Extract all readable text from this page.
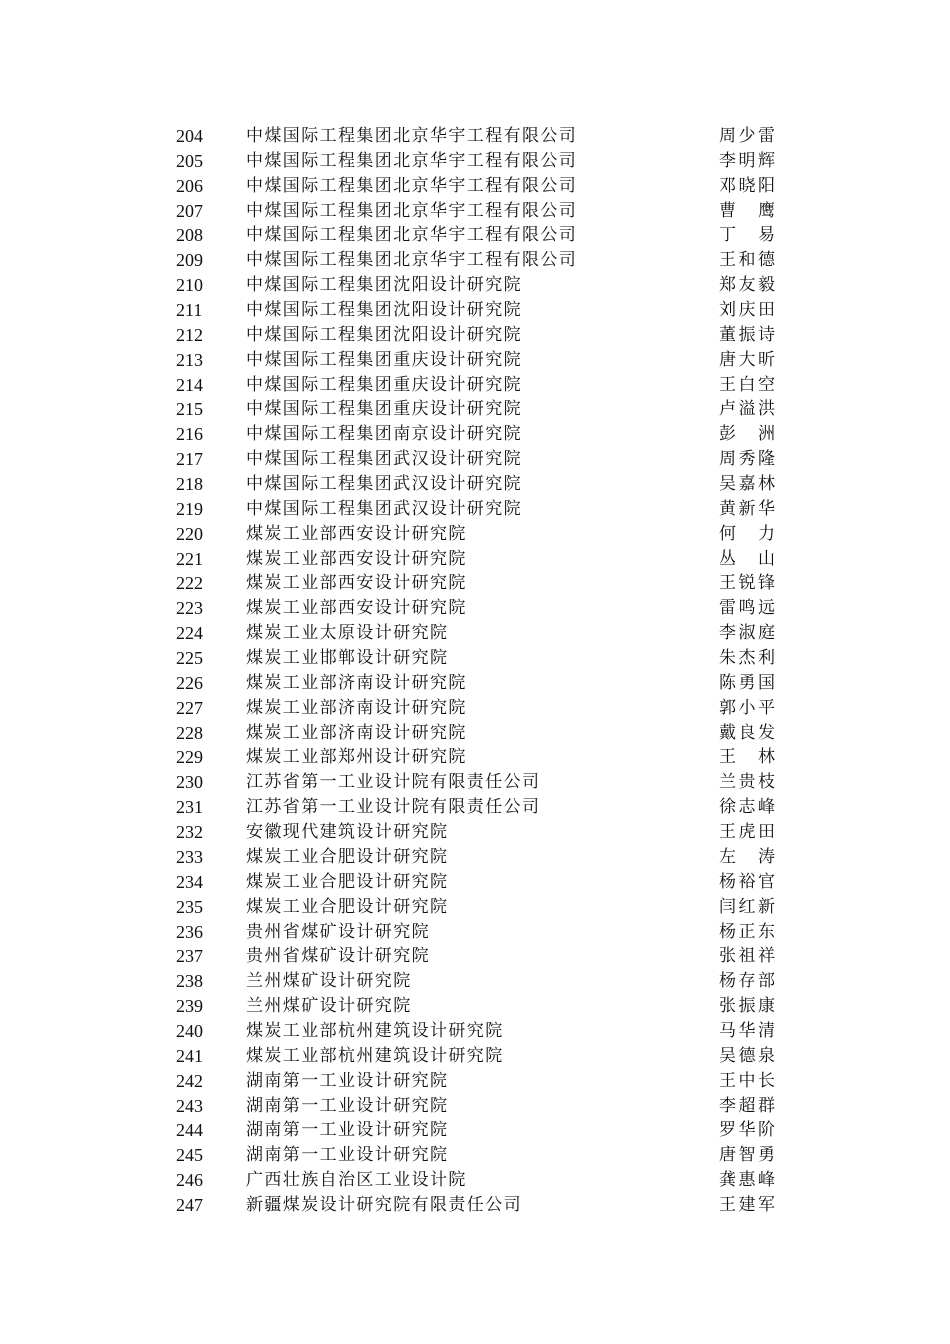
204	中煤国际工程集团北京华宇工程有限公司	周少雷
205	中煤国际工程集团北京华宇工程有限公司	李明辉
206	中煤国际工程集团北京华宇工程有限公司	邓晓阳
207	中煤国际工程集团北京华宇工程有限公司	曹　鹰
208	中煤国际工程集团北京华宇工程有限公司	丁　易
209	中煤国际工程集团北京华宇工程有限公司	王和德
210	中煤国际工程集团沈阳设计研究院	郑友毅
211	中煤国际工程集团沈阳设计研究院	刘庆田
212	中煤国际工程集团沈阳设计研究院	董振诗
213	中煤国际工程集团重庆设计研究院	唐大昕
214	中煤国际工程集团重庆设计研究院	王白空
215	中煤国际工程集团重庆设计研究院	卢溢洪
216	中煤国际工程集团南京设计研究院	彭　洲
217	中煤国际工程集团武汉设计研究院	周秀隆
218	中煤国际工程集团武汉设计研究院	吴嘉林
219	中煤国际工程集团武汉设计研究院	黄新华
220	煤炭工业部西安设计研究院	何　力
221	煤炭工业部西安设计研究院	丛　山
222	煤炭工业部西安设计研究院	王锐锋
223	煤炭工业部西安设计研究院	雷鸣远
224	煤炭工业太原设计研究院	李淑庭
225	煤炭工业邯郸设计研究院	朱杰利
226	煤炭工业部济南设计研究院	陈勇国
227	煤炭工业部济南设计研究院	郭小平
228	煤炭工业部济南设计研究院	戴良发
229	煤炭工业部郑州设计研究院	王　林
230	江苏省第一工业设计院有限责任公司	兰贵枝
231	江苏省第一工业设计院有限责任公司	徐志峰
232	安徽现代建筑设计研究院	王虎田
233	煤炭工业合肥设计研究院	左　涛
234	煤炭工业合肥设计研究院	杨裕官
235	煤炭工业合肥设计研究院	闫红新
236	贵州省煤矿设计研究院	杨正东
237	贵州省煤矿设计研究院	张祖祥
238	兰州煤矿设计研究院	杨存部
239	兰州煤矿设计研究院	张振康
240	煤炭工业部杭州建筑设计研究院	马华清
241	煤炭工业部杭州建筑设计研究院	吴德泉
242	湖南第一工业设计研究院	王中长
243	湖南第一工业设计研究院	李超群
244	湖南第一工业设计研究院	罗华阶
245	湖南第一工业设计研究院	唐智勇
246	广西壮族自治区工业设计院	龚惠峰
247	新疆煤炭设计研究院有限责任公司	王建军
